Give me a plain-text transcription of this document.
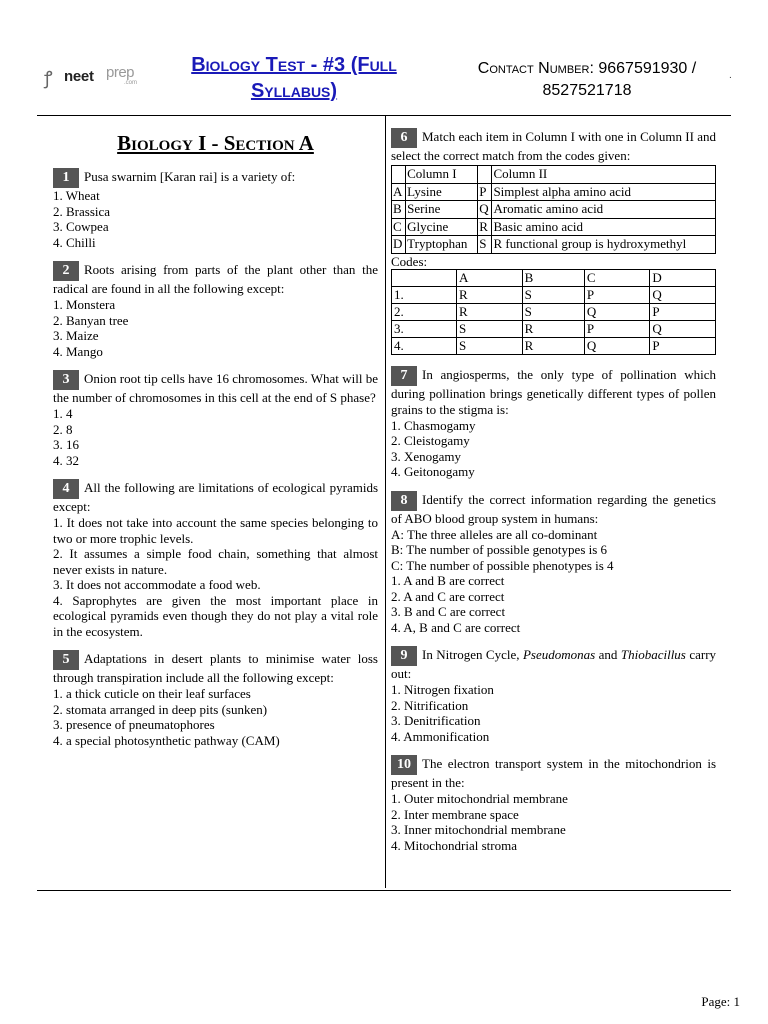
ꝭ neet prep
.com
Biology Test - #3 (Full
Syllabus)
Contact Number: 9667591930 /
8527521718
.
Biology I - Section A
1 Pusa swarnim [Karan rai] is a variety of:
1. Wheat
2. Brassica
3. Cowpea
4. Chilli
2 Roots arising from parts of the plant other than the radical are found in all the following except:
1. Monstera
2. Banyan tree
3. Maize
4. Mango
3 Onion root tip cells have 16 chromosomes. What will be the number of chromosomes in this cell at the end of S phase?
1. 4
2. 8
3. 16
4. 32
4 All the following are limitations of ecological pyramids except:
1. It does not take into account the same species belonging to two or more trophic levels.
2. It assumes a simple food chain, something that almost never exists in nature.
3. It does not accommodate a food web.
4. Saprophytes are given the most important place in ecological pyramids even though they do not play a vital role in the ecosystem.
5 Adaptations in desert plants to minimise water loss through transpiration include all the following except:
1. a thick cuticle on their leaf surfaces
2. stomata arranged in deep pits (sunken)
3. presence of pneumatophores
4. a special photosynthetic pathway (CAM)
6 Match each item in Column I with one in Column II and select the correct match from the codes given:
	Column I		Column II
A	Lysine	P	Simplest alpha amino acid
B	Serine	Q	Aromatic amino acid
C	Glycine	R	Basic amino acid
D	Tryptophan	S	R functional group is hydroxymethyl
Codes:
	A	B	C	D
1.	R	S	P	Q
2.	R	S	Q	P
3.	S	R	P	Q
4.	S	R	Q	P
7 In angiosperms, the only type of pollination which during pollination brings genetically different types of pollen grains to the stigma is:
1. Chasmogamy
2. Cleistogamy
3. Xenogamy
4. Geitonogamy
8 Identify the correct information regarding the genetics of ABO blood group system in humans:
A: The three alleles are all co-dominant
B: The number of possible genotypes is 6
C: The number of possible phenotypes is 4
1. A and B are correct
2. A and C are correct
3. B and C are correct
4. A, B and C are correct
9 In Nitrogen Cycle, Pseudomonas and Thiobacillus carry out:
1. Nitrogen fixation
2. Nitrification
3. Denitrification
4. Ammonification
10 The electron transport system in the mitochondrion is present in the:
1. Outer mitochondrial membrane
2. Inter membrane space
3. Inner mitochondrial membrane
4. Mitochondrial stroma
Page: 1
